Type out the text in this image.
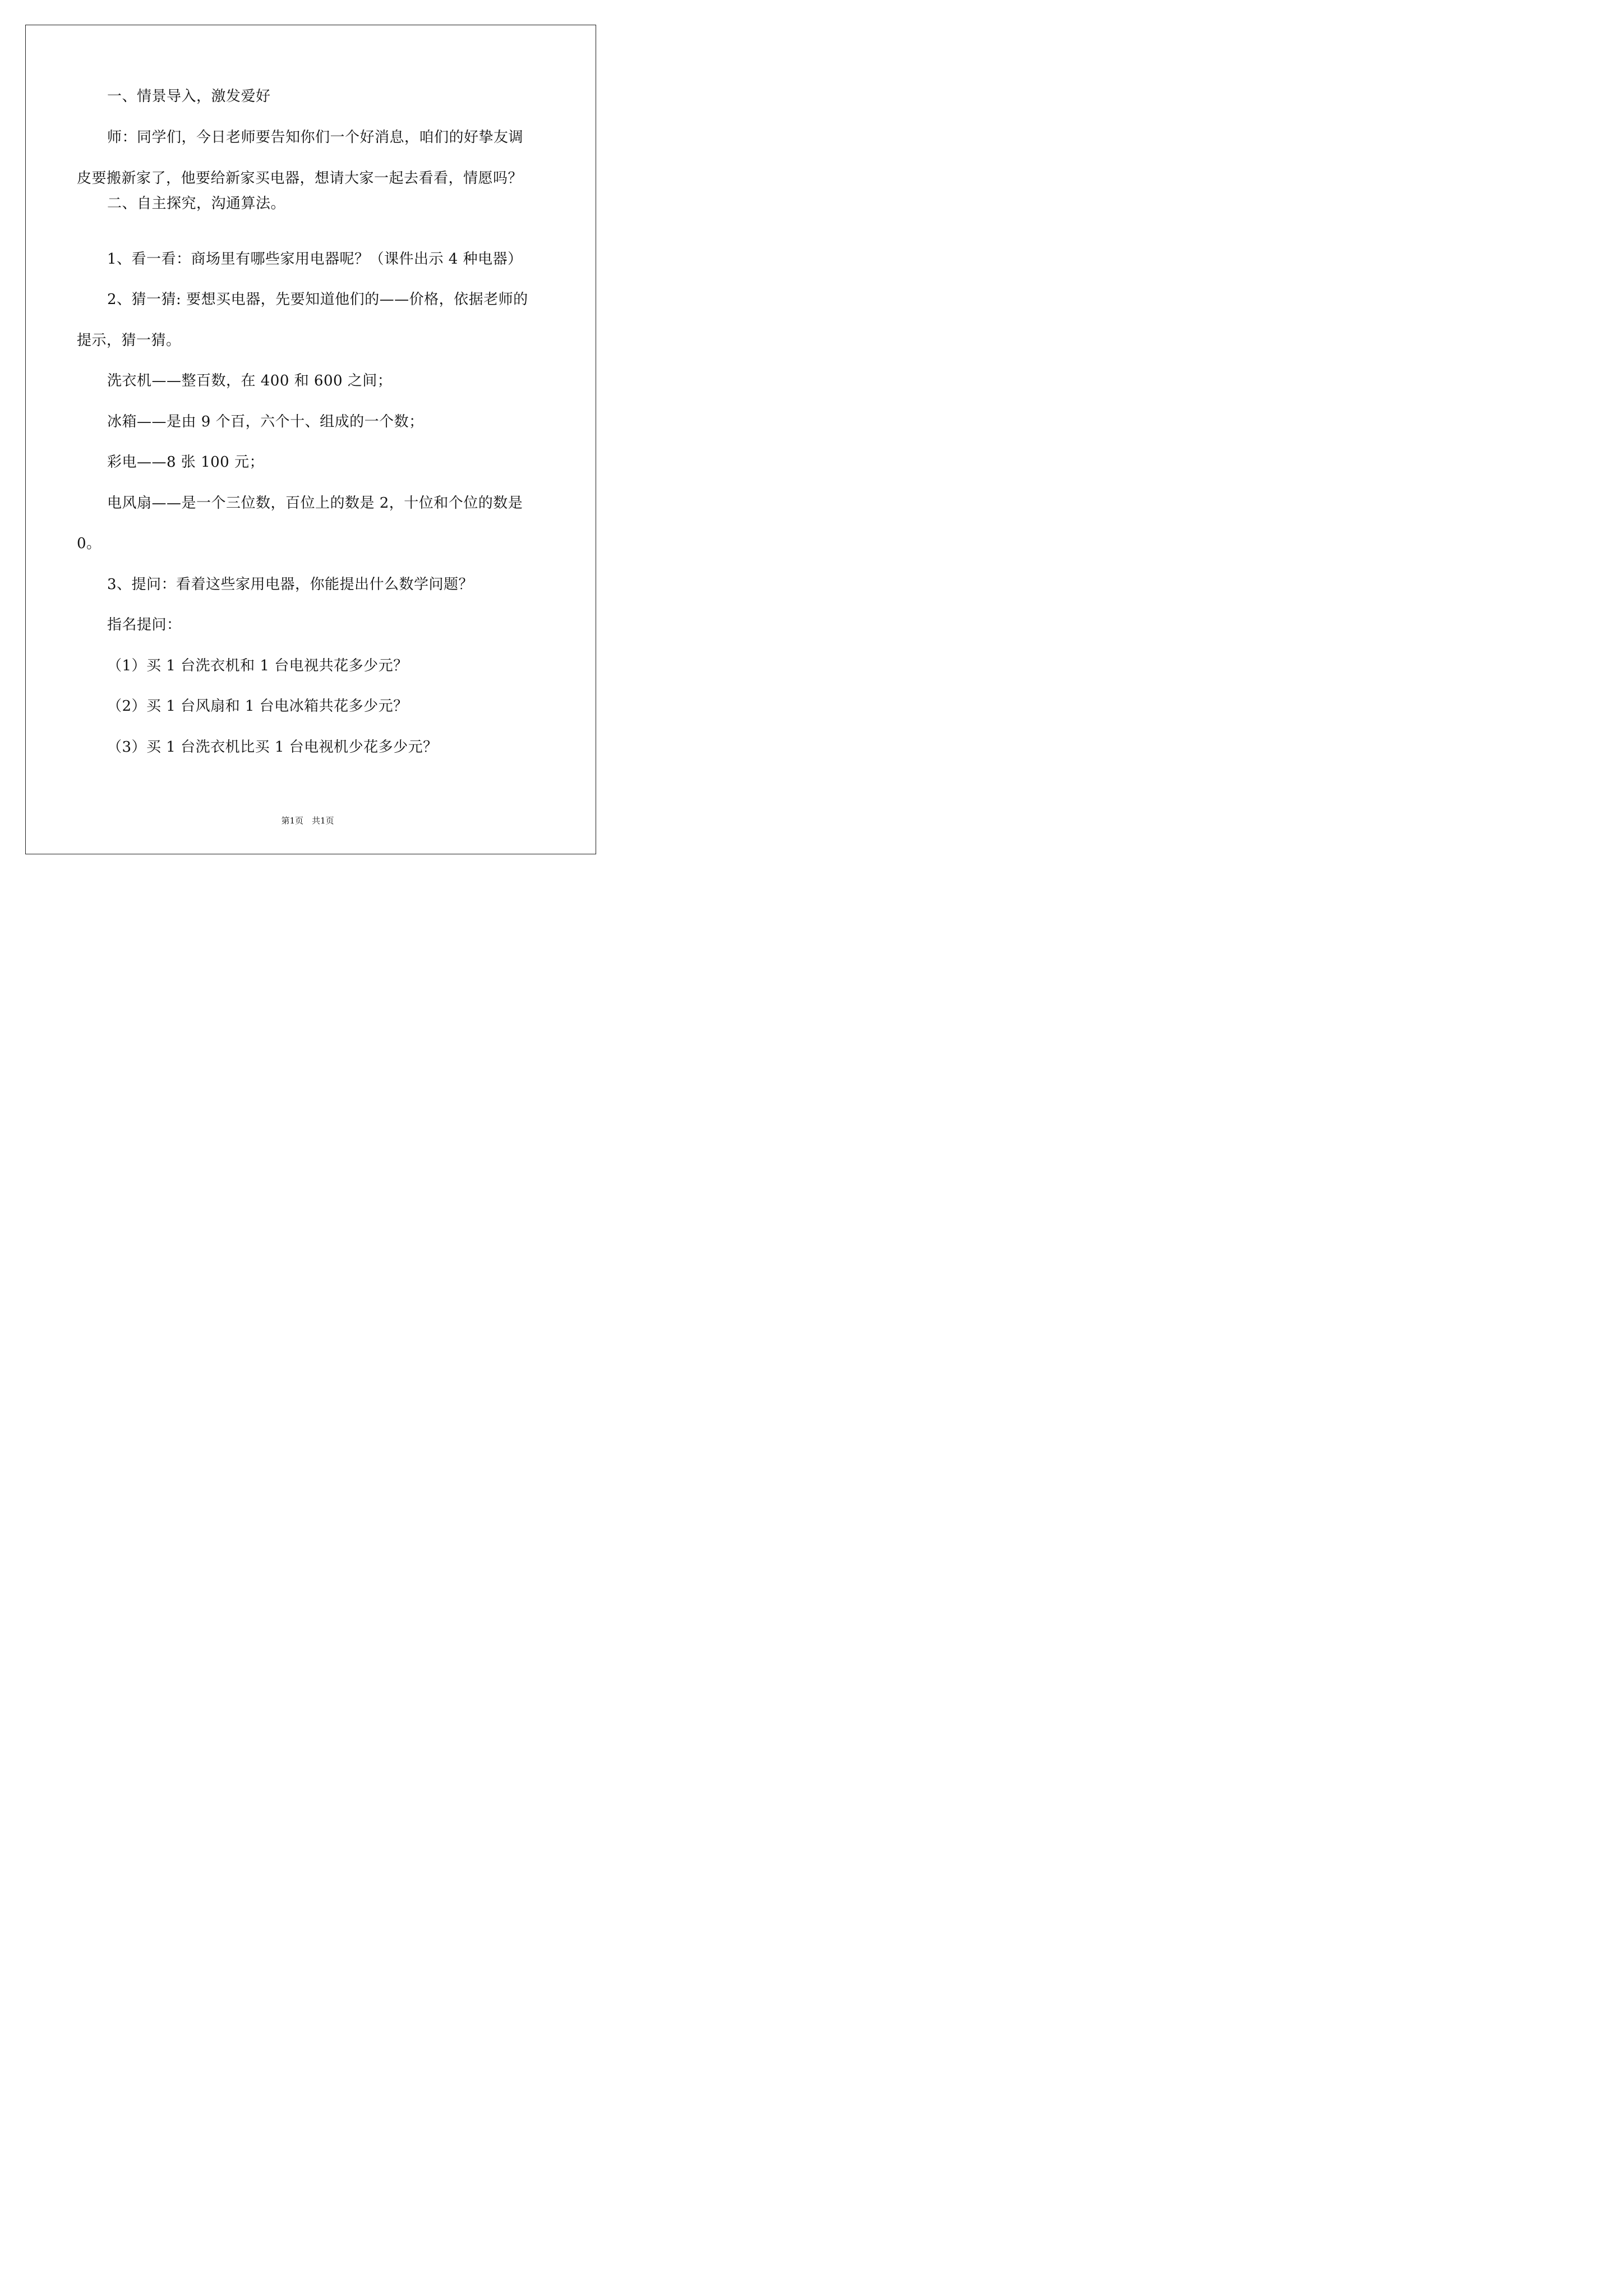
一、情景导入，激发爱好
师：同学们，今日老师要告知你们一个好消息，咱们的好挚友调
皮要搬新家了，他要给新家买电器，想请大家一起去看看，情愿吗？
二、自主探究，沟通算法。
1、看一看：商场里有哪些家用电器呢？（课件出示 4 种电器）
2、猜一猜: 要想买电器，先要知道他们的——价格，依据老师的
提示，猜一猜。
洗衣机——整百数，在 400 和 600 之间；
冰箱——是由 9 个百，六个十、组成的一个数；
彩电——8 张 100 元；
电风扇——是一个三位数，百位上的数是 2，十位和个位的数是
0。
3、提问：看着这些家用电器，你能提出什么数学问题？
指名提问：
（1）买 1 台洗衣机和 1 台电视共花多少元？
（2）买 1 台风扇和 1 台电冰箱共花多少元？
（3）买 1 台洗衣机比买 1 台电视机少花多少元？
第1页　共1页
